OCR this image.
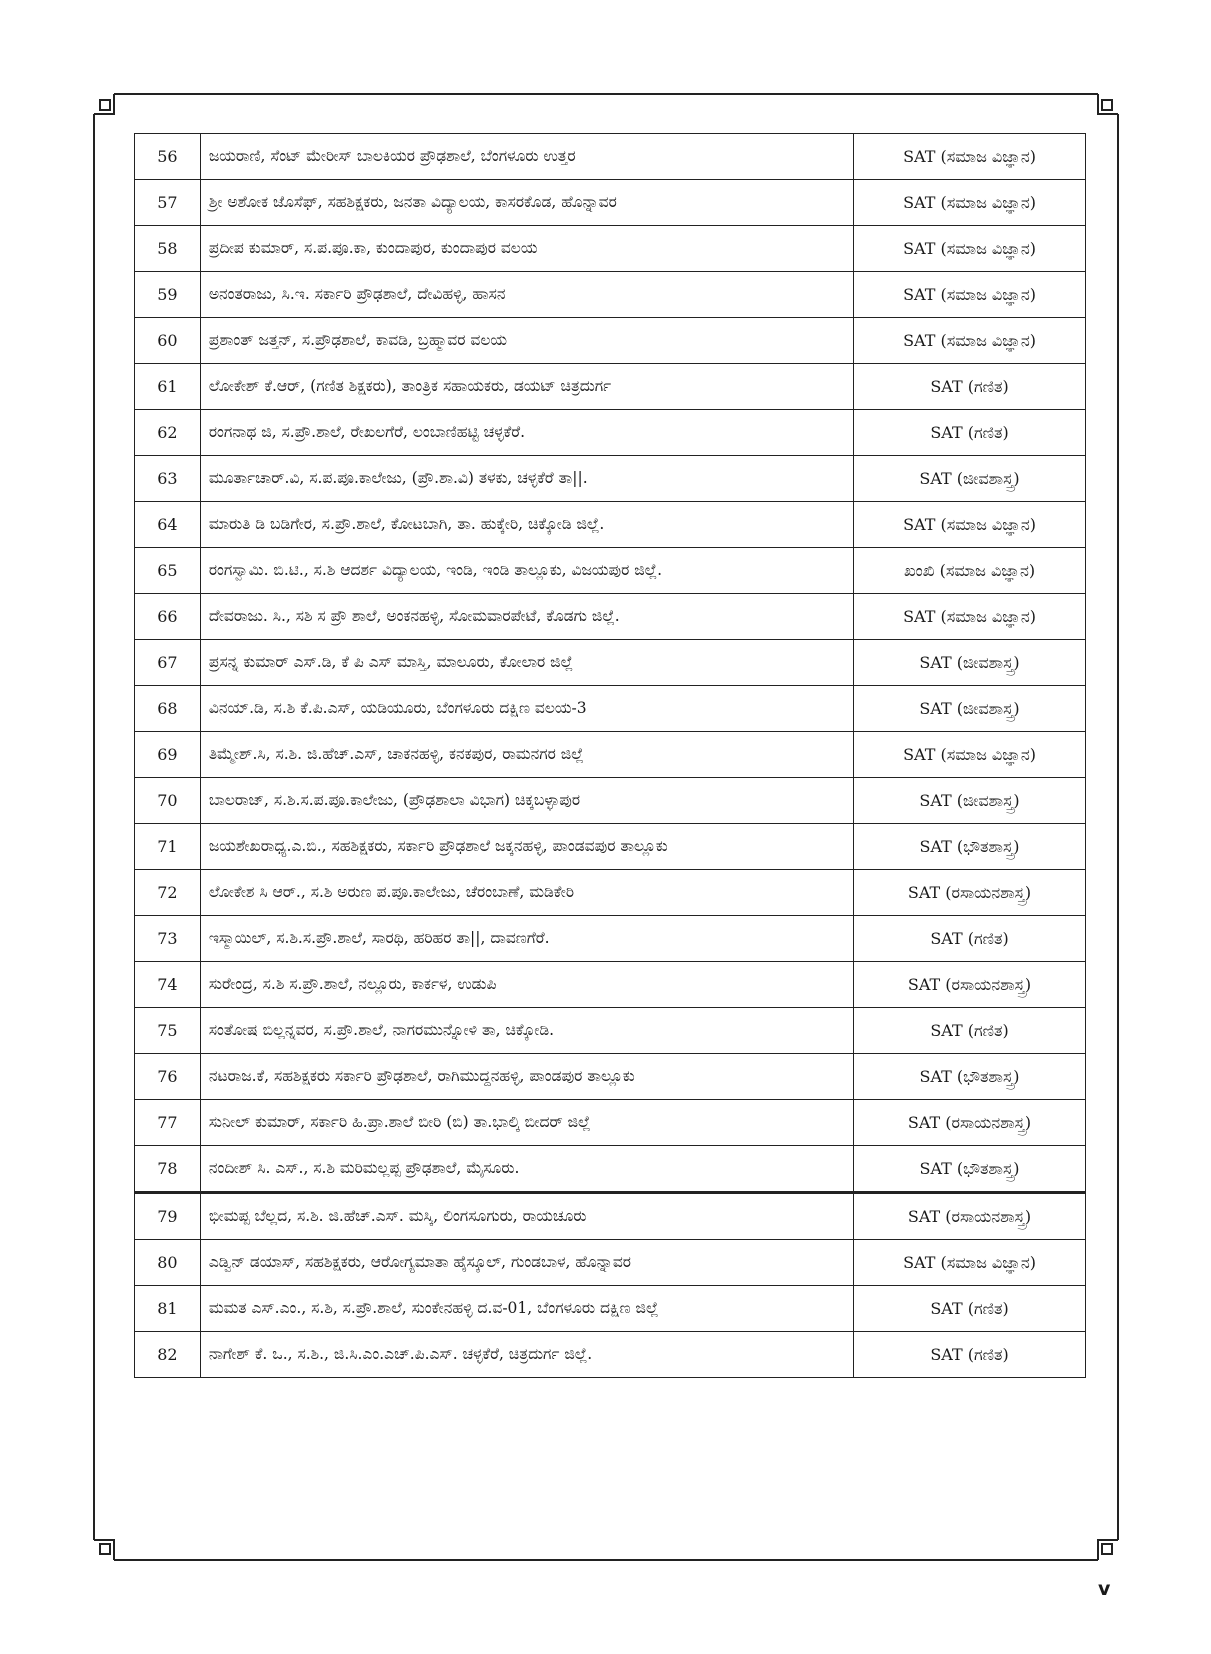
56	ಜಯರಾಣಿ, ಸೆಂಟ್ ಮೇರೀಸ್ ಬಾಲಕಿಯರ ಪ್ರೌಢಶಾಲೆ, ಬೆಂಗಳೂರು ಉತ್ತರ	SAT (ಸಮಾಜ ವಿಜ್ಞಾನ)
57	ಶ್ರೀ ಅಶೋಕ ಜೊಸೆಫ್, ಸಹಶಿಕ್ಷಕರು, ಜನತಾ ವಿದ್ಯಾಲಯ, ಕಾಸರಕೊಡ, ಹೊನ್ನಾವರ	SAT (ಸಮಾಜ ವಿಜ್ಞಾನ)
58	ಪ್ರದೀಪ ಕುಮಾರ್, ಸ.ಪ.ಪೂ.ಕಾ, ಕುಂದಾಪುರ, ಕುಂದಾಪುರ ವಲಯ	SAT (ಸಮಾಜ ವಿಜ್ಞಾನ)
59	ಅನಂತರಾಜು, ಸಿ.ಇ. ಸರ್ಕಾರಿ ಪ್ರೌಢಶಾಲೆ, ದೇವಿಹಳ್ಳಿ, ಹಾಸನ	SAT (ಸಮಾಜ ವಿಜ್ಞಾನ)
60	ಪ್ರಶಾಂತ್ ಜತ್ತನ್, ಸ.ಪ್ರೌಢಶಾಲೆ, ಕಾವಡಿ, ಬ್ರಹ್ಮಾವರ ವಲಯ	SAT (ಸಮಾಜ ವಿಜ್ಞಾನ)
61	ಲೋಕೇಶ್ ಕೆ.ಆರ್, (ಗಣಿತ ಶಿಕ್ಷಕರು), ತಾಂತ್ರಿಕ ಸಹಾಯಕರು, ಡಯಟ್ ಚಿತ್ರದುರ್ಗ	SAT (ಗಣಿತ)
62	ರಂಗನಾಥ ಜಿ, ಸ.ಪ್ರೌ.ಶಾಲೆ, ರೇಖಲಗೆರೆ, ಲಂಬಾಣಿಹಟ್ಟಿ ಚಳ್ಳಕೆರೆ.	SAT (ಗಣಿತ)
63	ಮೂರ್ತಾಚಾರ್.ವಿ, ಸ.ಪ.ಪೂ.ಕಾಲೇಜು, (ಪ್ರೌ.ಶಾ.ವಿ) ತಳಕು, ಚಳ್ಳಕೆರೆ ತಾ||.	SAT (ಜೀವಶಾಸ್ತ್ರ)
64	ಮಾರುತಿ ಡಿ ಬಡಿಗೇರ, ಸ.ಪ್ರೌ.ಶಾಲೆ, ಕೋಟಬಾಗಿ, ತಾ. ಹುಕ್ಕೇರಿ, ಚಿಕ್ಕೋಡಿ ಜಿಲ್ಲೆ.	SAT (ಸಮಾಜ ವಿಜ್ಞಾನ)
65	ರಂಗಸ್ವಾಮಿ. ಬಿ.ಟಿ., ಸ.ಶಿ ಆದರ್ಶ ವಿದ್ಯಾಲಯ, ಇಂಡಿ, ಇಂಡಿ ತಾಲ್ಲೂಕು, ವಿಜಯಪುರ ಜಿಲ್ಲೆ.	ಖಂಖಿ (ಸಮಾಜ ವಿಜ್ಞಾನ)
66	ದೇವರಾಜು. ಸಿ., ಸಶಿ ಸ ಪ್ರೌ ಶಾಲೆ, ಅಂಕನಹಳ್ಳಿ, ಸೋಮವಾರಪೇಟೆ, ಕೊಡಗು ಜಿಲ್ಲೆ.	SAT (ಸಮಾಜ ವಿಜ್ಞಾನ)
67	ಪ್ರಸನ್ನ ಕುಮಾರ್ ಎಸ್.ಡಿ, ಕೆ ಪಿ ಎಸ್ ಮಾಸ್ತಿ, ಮಾಲೂರು, ಕೋಲಾರ ಜಿಲ್ಲೆ	SAT (ಜೀವಶಾಸ್ತ್ರ)
68	ವಿನಯ್.ಡಿ, ಸ.ಶಿ ಕೆ.ಪಿ.ಎಸ್, ಯಡಿಯೂರು, ಬೆಂಗಳೂರು ದಕ್ಷಿಣ ವಲಯ-3	SAT (ಜೀವಶಾಸ್ತ್ರ)
69	ತಿಮ್ಮೇಶ್.ಸಿ, ಸ.ಶಿ. ಜಿ.ಹೆಚ್.ಎಸ್, ಚಾಕನಹಳ್ಳಿ, ಕನಕಪುರ, ರಾಮನಗರ ಜಿಲ್ಲೆ	SAT (ಸಮಾಜ ವಿಜ್ಞಾನ)
70	ಬಾಲರಾಜ್, ಸ.ಶಿ.ಸ.ಪ.ಪೂ.ಕಾಲೇಜು, (ಪ್ರೌಢಶಾಲಾ ವಿಭಾಗ) ಚಿಕ್ಕಬಳ್ಳಾಪುರ	SAT (ಜೀವಶಾಸ್ತ್ರ)
71	ಜಯಶೇಖರಾಧ್ಯ.ಎ.ಬಿ., ಸಹಶಿಕ್ಷಕರು, ಸರ್ಕಾರಿ ಪ್ರೌಢಶಾಲೆ ಜಕ್ಕನಹಳ್ಳಿ, ಪಾಂಡವಪುರ ತಾಲ್ಲೂಕು	SAT (ಭೌತಶಾಸ್ತ್ರ)
72	ಲೋಕೇಶ ಸಿ ಆರ್., ಸ.ಶಿ ಅರುಣ ಪ.ಪೂ.ಕಾಲೇಜು, ಚೆರಂಬಾಣೆ, ಮಡಿಕೇರಿ	SAT (ರಸಾಯನಶಾಸ್ತ್ರ)
73	ಇಸ್ಮಾಯಿಲ್, ಸ.ಶಿ.ಸ.ಪ್ರೌ.ಶಾಲೆ, ಸಾರಥಿ, ಹರಿಹರ ತಾ||, ದಾವಣಗೆರೆ.	SAT (ಗಣಿತ)
74	ಸುರೇಂದ್ರ, ಸ.ಶಿ ಸ.ಪ್ರೌ.ಶಾಲೆ, ನಲ್ಲೂರು, ಕಾರ್ಕಳ, ಉಡುಪಿ	SAT (ರಸಾಯನಶಾಸ್ತ್ರ)
75	ಸಂತೋಷ ಬಿಲ್ಲನ್ನವರ, ಸ.ಪ್ರೌ.ಶಾಲೆ, ನಾಗರಮುನ್ನೋಳಿ ತಾ, ಚಿಕ್ಕೋಡಿ.	SAT (ಗಣಿತ)
76	ನಟರಾಜ.ಕೆ, ಸಹಶಿಕ್ಷಕರು ಸರ್ಕಾರಿ ಪ್ರೌಢಶಾಲೆ, ರಾಗಿಮುದ್ದನಹಳ್ಳಿ, ಪಾಂಡಪುರ ತಾಲ್ಲೂಕು	SAT (ಭೌತಶಾಸ್ತ್ರ)
77	ಸುನೀಲ್ ಕುಮಾರ್, ಸರ್ಕಾರಿ ಹಿ.ಪ್ರಾ.ಶಾಲೆ ಬೀರಿ (ಬಿ) ತಾ.ಭಾಲ್ಕಿ ಬೀದರ್ ಜಿಲ್ಲೆ	SAT (ರಸಾಯನಶಾಸ್ತ್ರ)
78	ನಂದೀಶ್ ಸಿ. ಎಸ್., ಸ.ಶಿ ಮರಿಮಲ್ಲಪ್ಪ ಪ್ರೌಢಶಾಲೆ, ಮೈಸೂರು.	SAT (ಭೌತಶಾಸ್ತ್ರ)
79	ಭೀಮಪ್ಪ ಬೆಲ್ಲದ, ಸ.ಶಿ. ಜಿ.ಹೆಚ್.ಎಸ್. ಮಸ್ಕಿ, ಲಿಂಗಸೂಗುರು, ರಾಯಚೂರು	SAT (ರಸಾಯನಶಾಸ್ತ್ರ)
80	ಎಡ್ವಿನ್ ಡಯಾಸ್, ಸಹಶಿಕ್ಷಕರು, ಆರೋಗ್ಯಮಾತಾ ಹೈಸ್ಕೂಲ್, ಗುಂಡಬಾಳ, ಹೊನ್ನಾವರ	SAT (ಸಮಾಜ ವಿಜ್ಞಾನ)
81	ಮಮತ ಎಸ್.ಎಂ., ಸ.ಶಿ, ಸ.ಪ್ರೌ.ಶಾಲೆ, ಸುಂಕೇನಹಳ್ಳಿ ದ.ವ-01, ಬೆಂಗಳೂರು ದಕ್ಷಿಣ ಜಿಲ್ಲೆ	SAT (ಗಣಿತ)
82	ನಾಗೇಶ್ ಕೆ. ಒ., ಸ.ಶಿ., ಜಿ.ಸಿ.ಎಂ.ಎಚ್.ಪಿ.ಎಸ್. ಚಳ್ಳಕೆರೆ, ಚಿತ್ರದುರ್ಗ ಜಿಲ್ಲೆ.	SAT (ಗಣಿತ)
v
